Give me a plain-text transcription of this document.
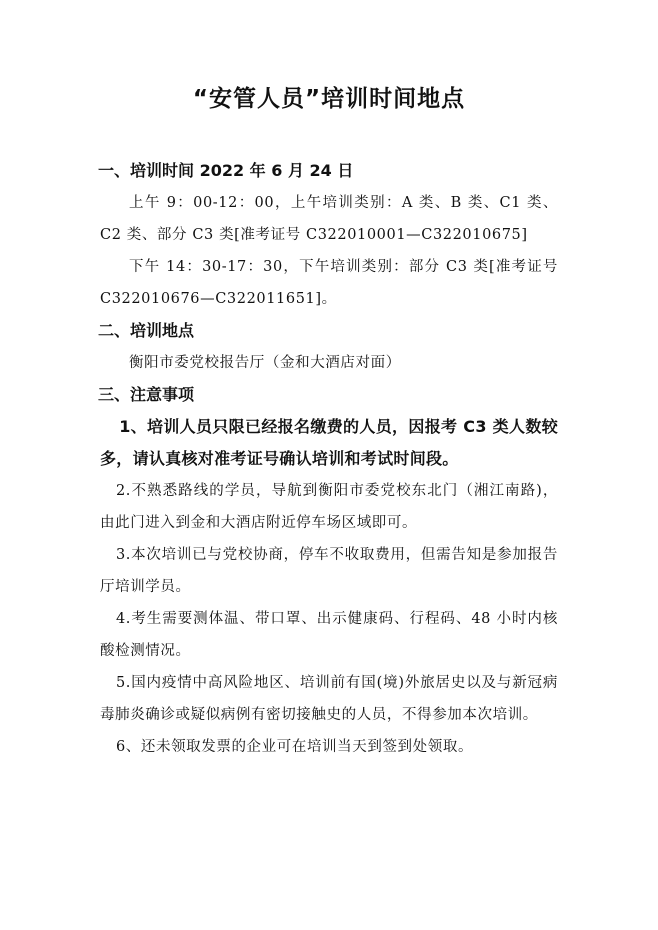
“安管人员”培训时间地点
一、培训时间 2022 年 6 月 24 日
上午 9：00-12：00，上午培训类别：A 类、B 类、C1 类、C2 类、部分 C3 类[准考证号 C322010001—C322010675]
下午 14：30-17：30，下午培训类别：部分 C3 类[准考证号 C322010676—C322011651]。
二、培训地点
衡阳市委党校报告厅（金和大酒店对面）
三、注意事项
1、培训人员只限已经报名缴费的人员，因报考 C3 类人数较多，请认真核对准考证号确认培训和考试时间段。
2.不熟悉路线的学员，导航到衡阳市委党校东北门（湘江南路)，由此门进入到金和大酒店附近停车场区域即可。
3.本次培训已与党校协商，停车不收取费用，但需告知是参加报告厅培训学员。
4.考生需要测体温、带口罩、出示健康码、行程码、48 小时内核酸检测情况。
5.国内疫情中高风险地区、培训前有国(境)外旅居史以及与新冠病毒肺炎确诊或疑似病例有密切接触史的人员，不得参加本次培训。
6、还未领取发票的企业可在培训当天到签到处领取。
